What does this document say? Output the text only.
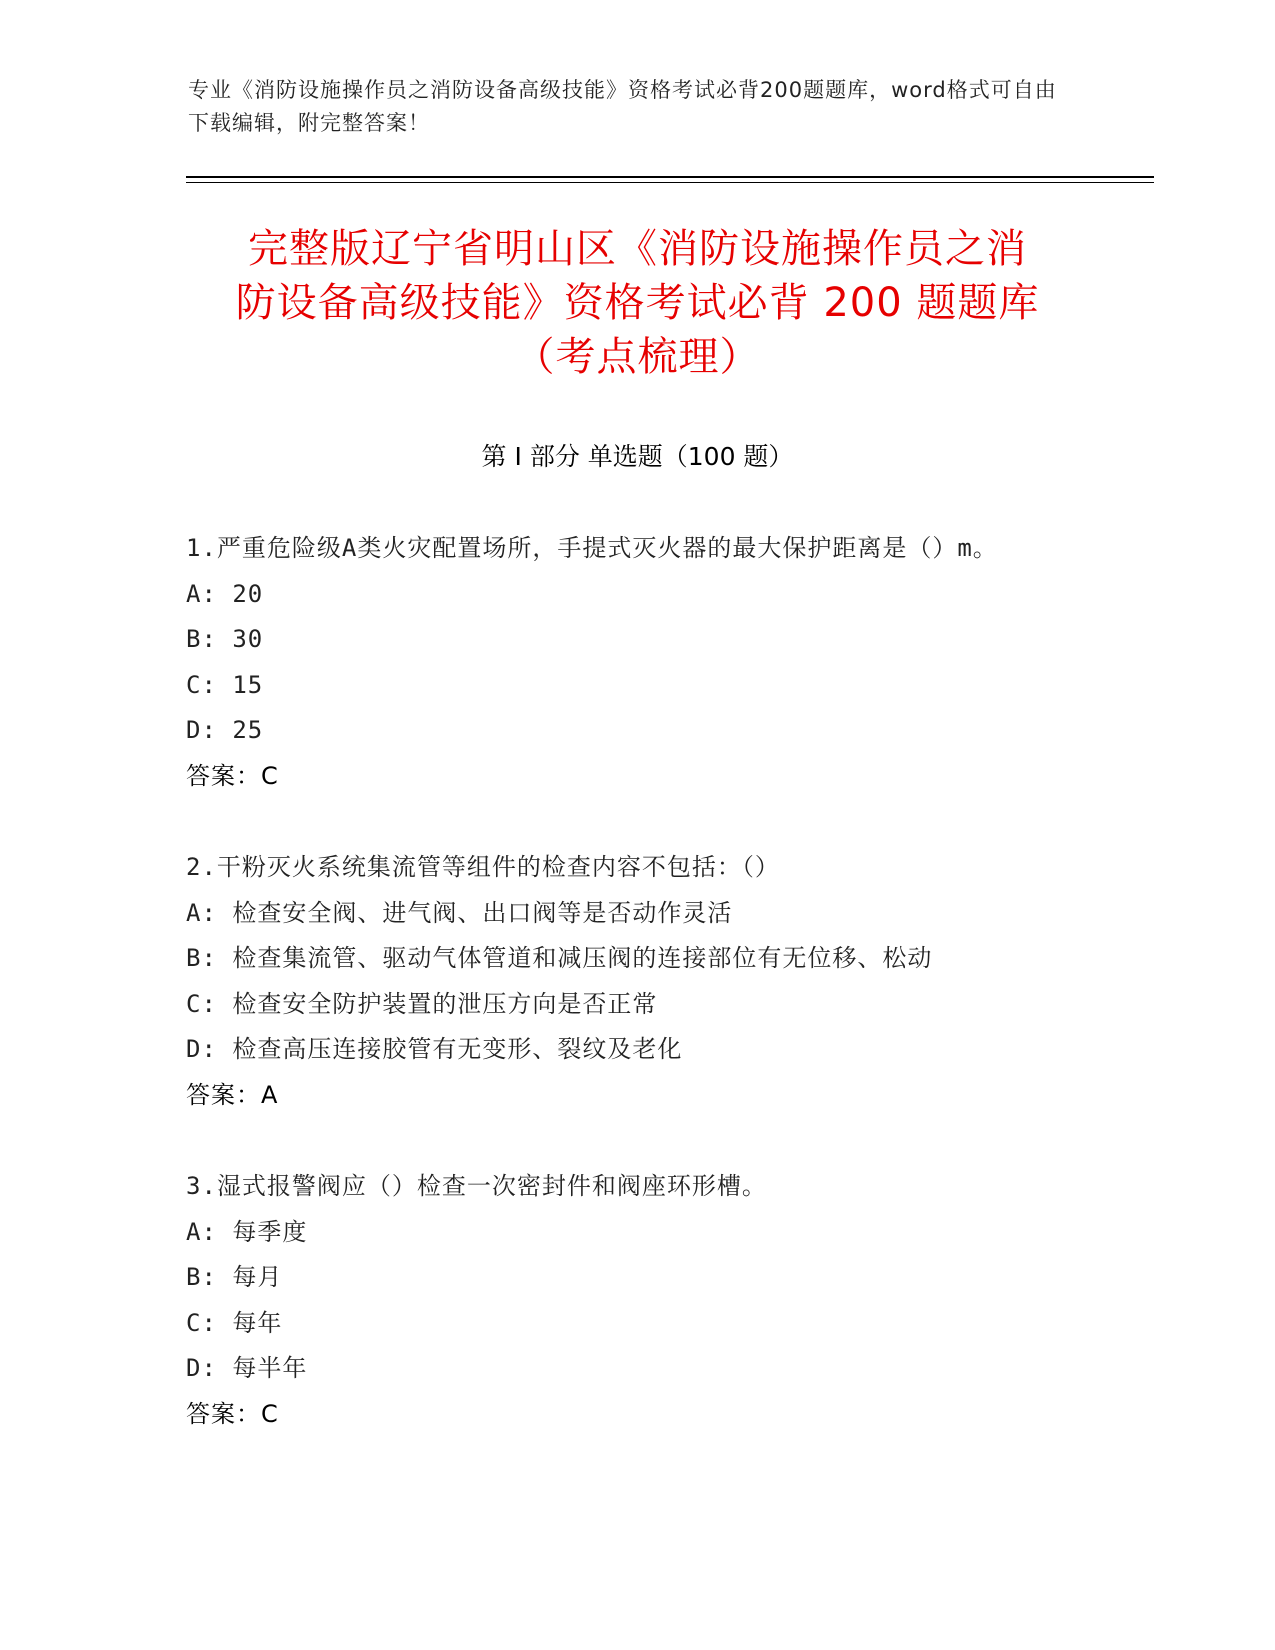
专业《消防设施操作员之消防设备高级技能》资格考试必背200题题库，word格式可自由下载编辑，附完整答案！
完整版辽宁省明山区《消防设施操作员之消
防设备高级技能》资格考试必背 200 题题库
（考点梳理）
第 I 部分 单选题（100 题）

1.严重危险级A类火灾配置场所，手提式灭火器的最大保护距离是（）m。

A: 20

B: 30

C: 15

D: 25

答案：C

2.干粉灭火系统集流管等组件的检查内容不包括：（）

A: 检查安全阀、进气阀、出口阀等是否动作灵活

B: 检查集流管、驱动气体管道和减压阀的连接部位有无位移、松动

C: 检查安全防护装置的泄压方向是否正常

D: 检查高压连接胶管有无变形、裂纹及老化

答案：A

3.湿式报警阀应（）检查一次密封件和阀座环形槽。

A: 每季度

B: 每月

C: 每年

D: 每半年

答案：C
